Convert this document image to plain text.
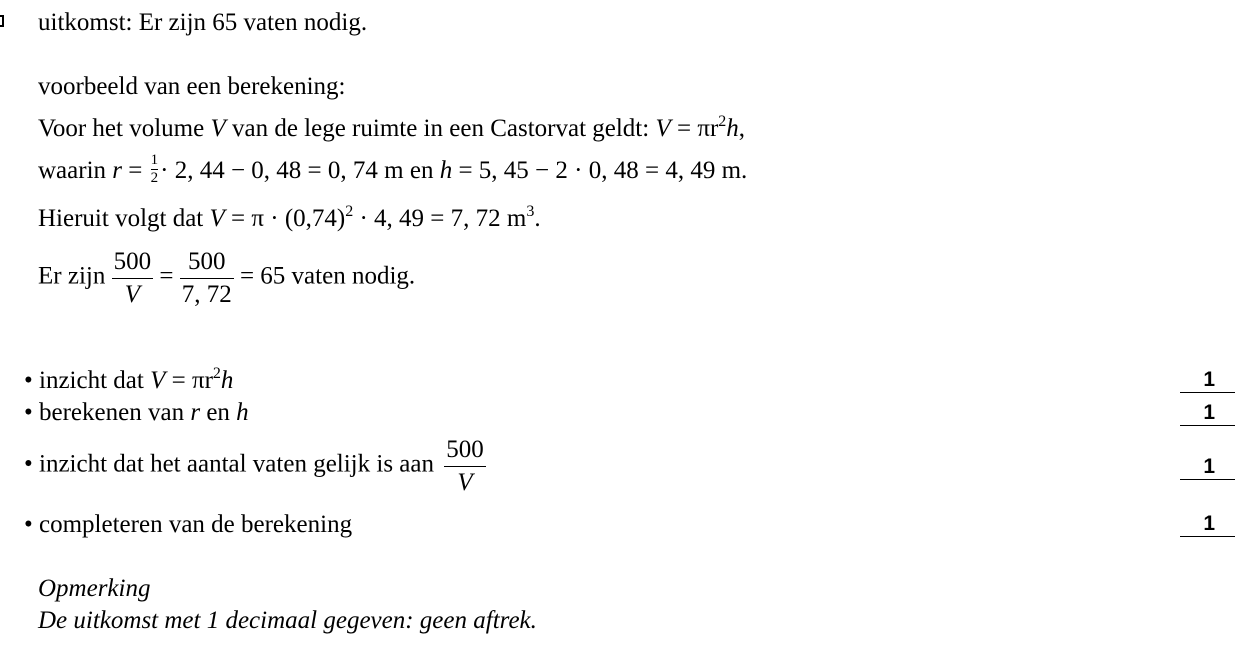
uitkomst: Er zijn 65 vaten nodig.
voorbeeld van een berekening:
Voor het volume V van de lege ruimte in een Castorvat geldt: $V = \pi r^2h$,
waarin $r = \frac{1}{2}\cdot 2$, 44 − 0, 48 = 0, 74 m en h = 5, 45 − 2 · 0, 48 = 4, 49 m.
Hieruit volgt dat $V = \pi \cdot (0,74)^2 \cdot 4$, 49 = 7, 72 $m^3$.
Er zijn $\frac{500}{V} = \frac{500}{7, 72} = 65$ vaten nodig.
• inzicht dat $V = \pi r^2h$	1
• berekenen van r en h	1
• inzicht dat het aantal vaten gelijk is aan $\frac{500}{V}$	1
• completeren van de berekening	1
Opmerking
De uitkomst met 1 decimaal gegeven: geen aftrek.
